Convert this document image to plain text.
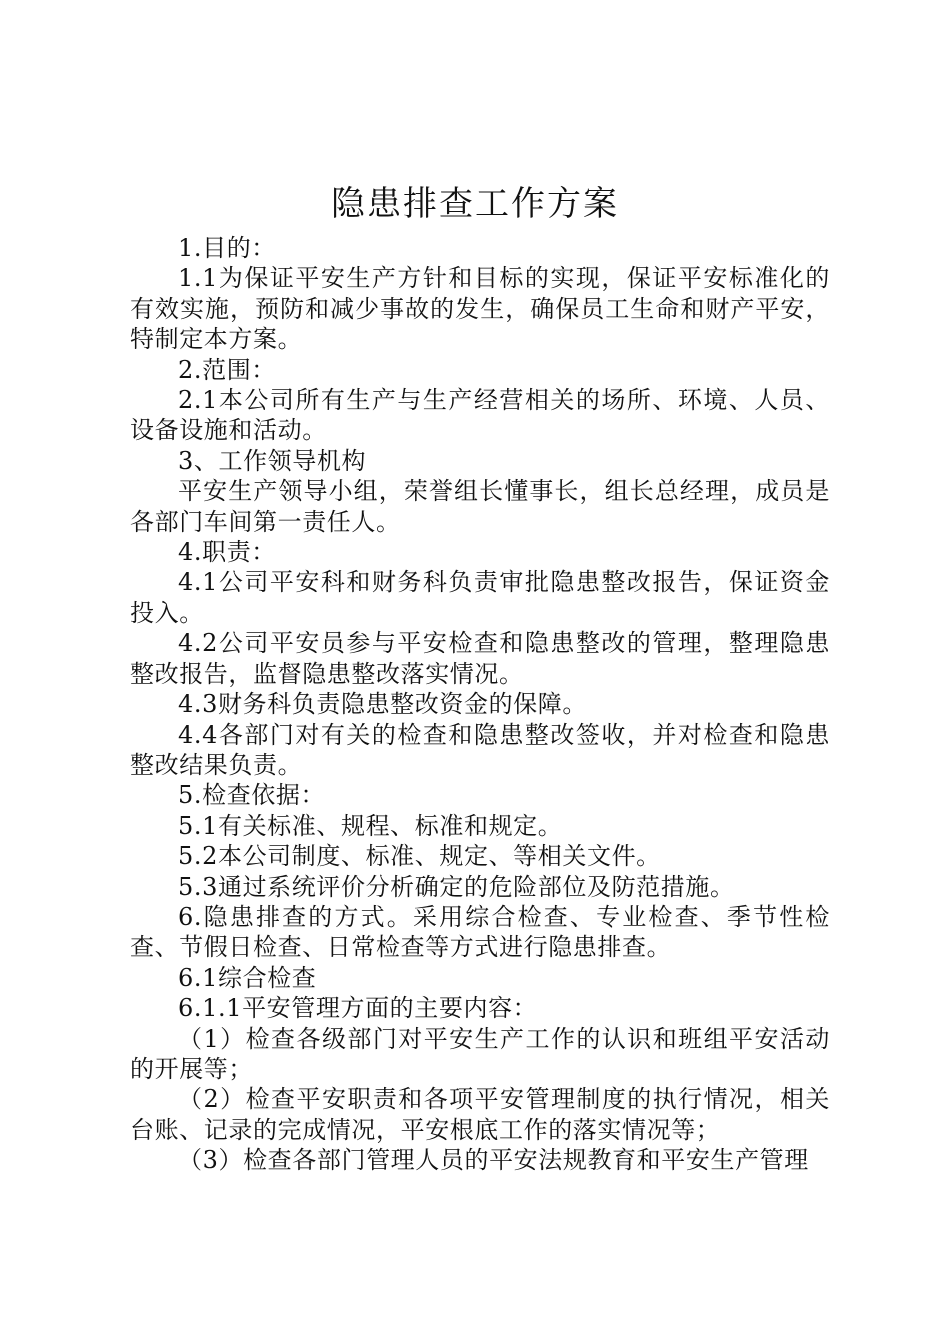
隐患排查工作方案

1.目的：

1.1为保证平安生产方针和目标的实现，保证平安标准化的有效实施，预防和减少事故的发生，确保员工生命和财产平安，特制定本方案。

2.范围：

2.1本公司所有生产与生产经营相关的场所、环境、人员、设备设施和活动。

3、工作领导机构

平安生产领导小组，荣誉组长懂事长，组长总经理，成员是各部门车间第一责任人。

4.职责：

4.1公司平安科和财务科负责审批隐患整改报告，保证资金投入。

4.2公司平安员参与平安检查和隐患整改的管理，整理隐患整改报告，监督隐患整改落实情况。

4.3财务科负责隐患整改资金的保障。

4.4各部门对有关的检查和隐患整改签收，并对检查和隐患整改结果负责。

5.检查依据：

5.1有关标准、规程、标准和规定。

5.2本公司制度、标准、规定、等相关文件。

5.3通过系统评价分析确定的危险部位及防范措施。

6.隐患排查的方式。采用综合检查、专业检查、季节性检查、节假日检查、日常检查等方式进行隐患排查。

6.1综合检查

6.1.1平安管理方面的主要内容：

（1）检查各级部门对平安生产工作的认识和班组平安活动的开展等；

（2）检查平安职责和各项平安管理制度的执行情况，相关台账、记录的完成情况，平安根底工作的落实情况等；

（3）检查各部门管理人员的平安法规教育和平安生产管理
